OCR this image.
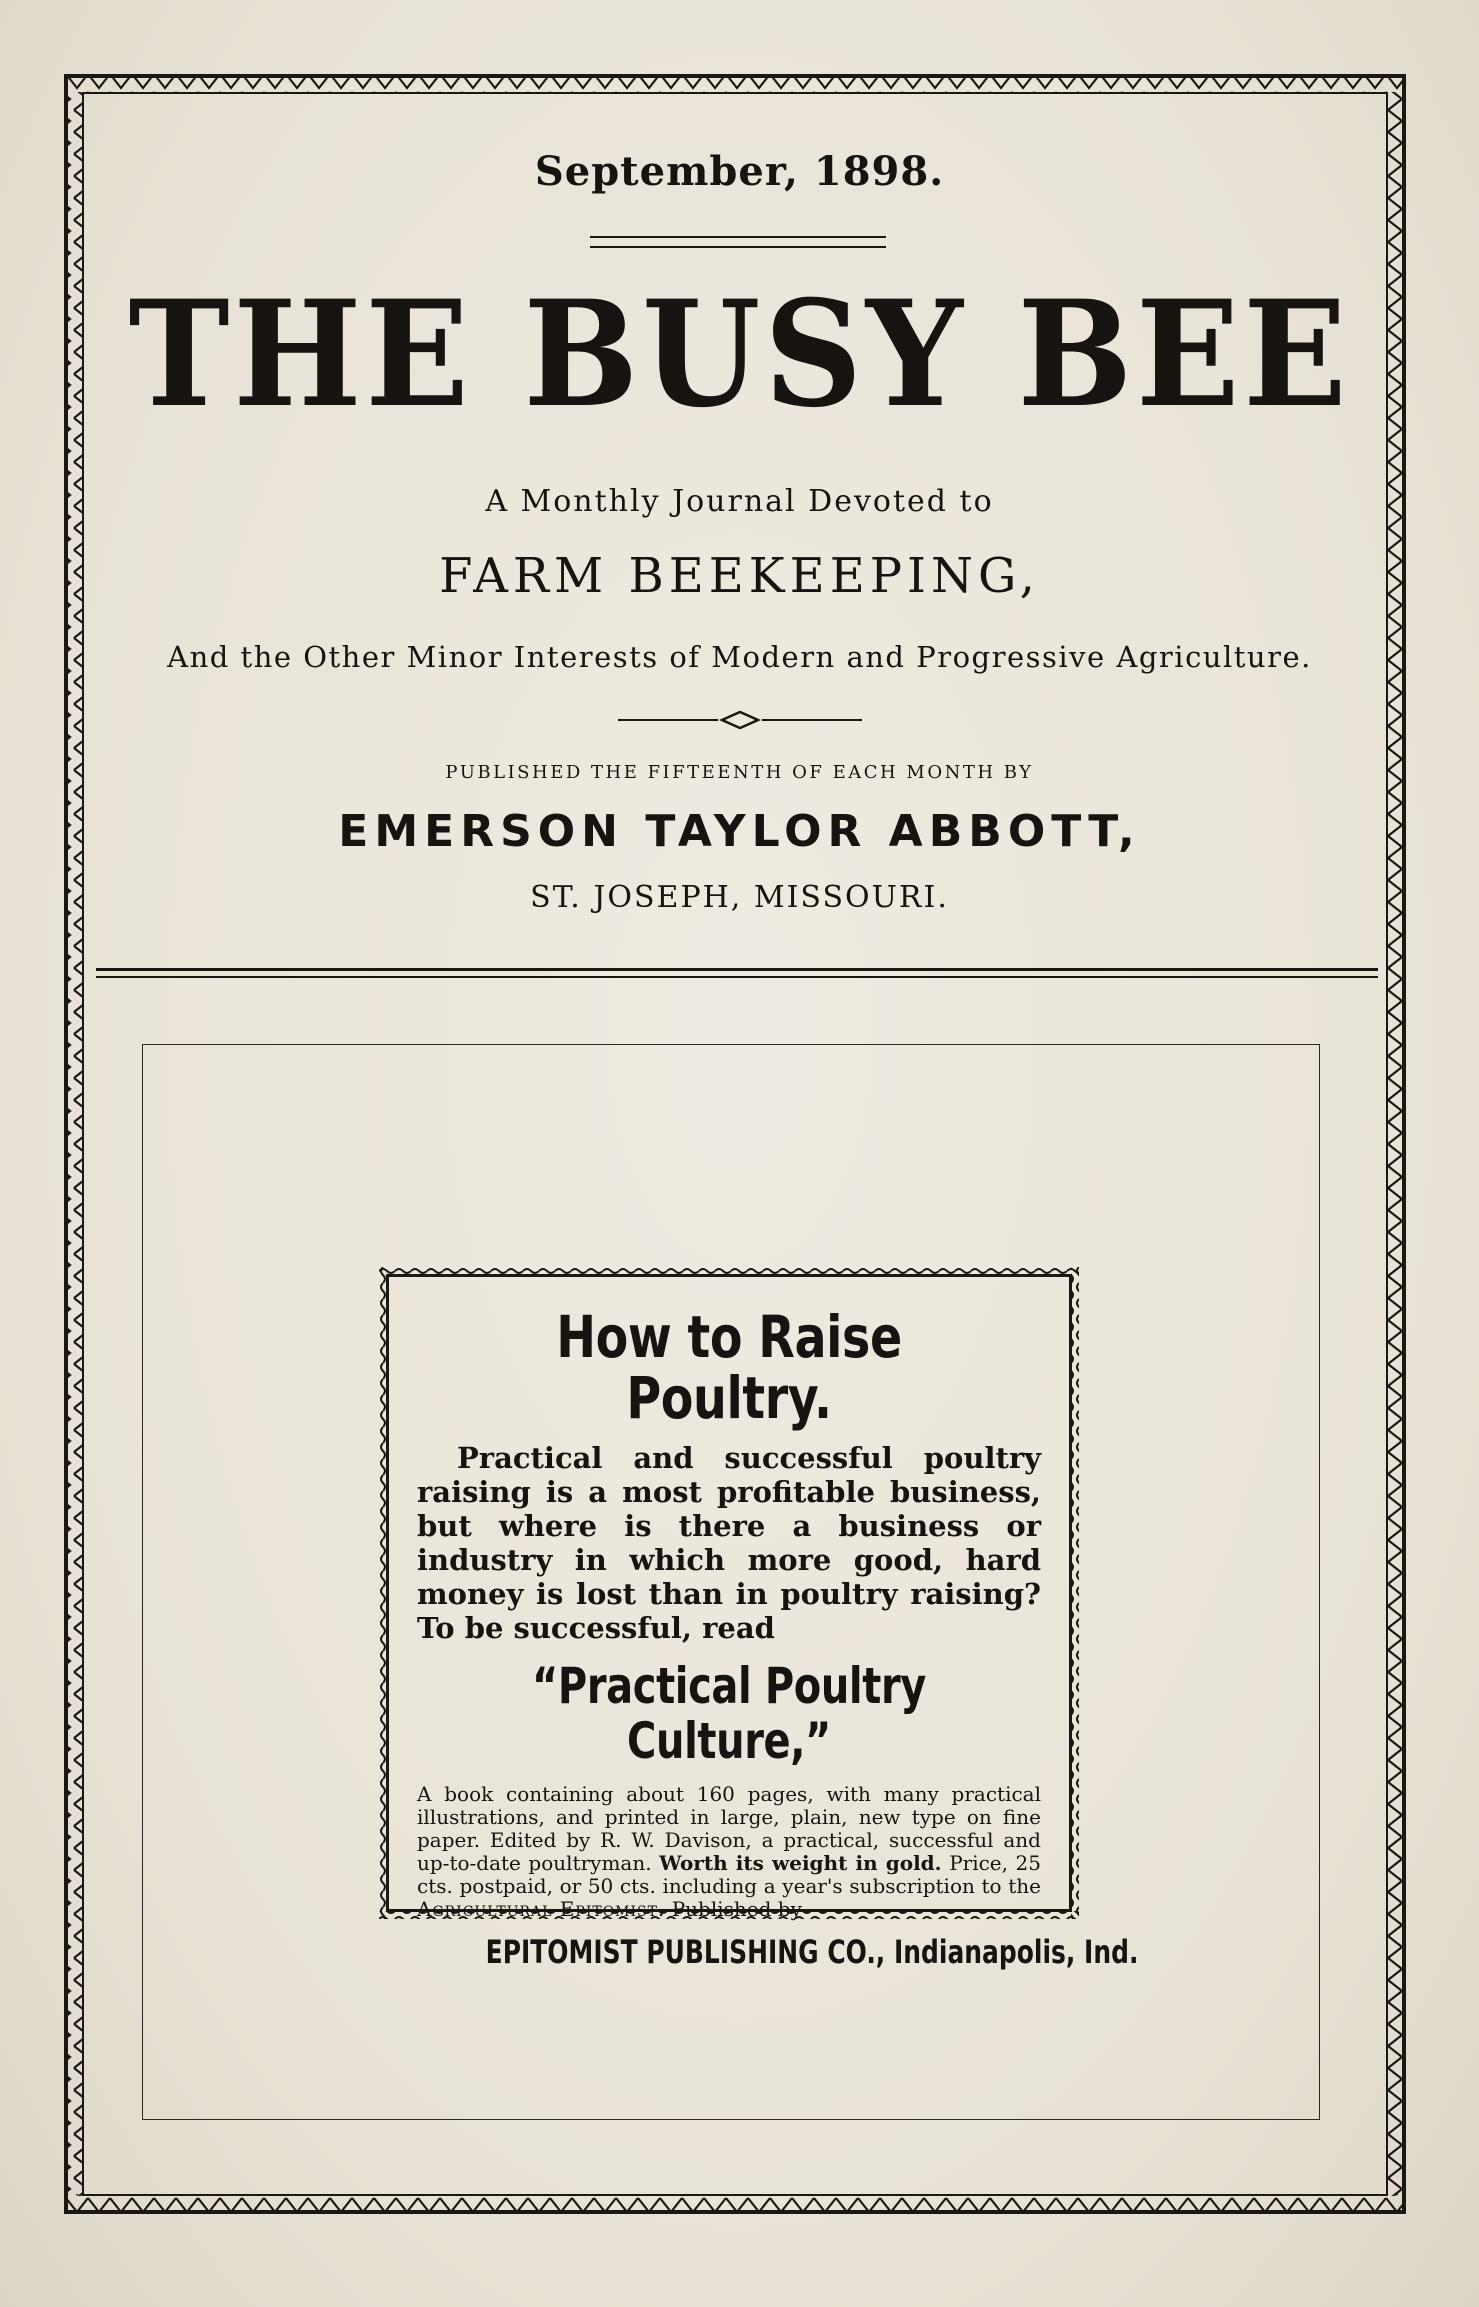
September, 1898.
THE BUSY BEE
A Monthly Journal Devoted to
FARM BEEKEEPING,
And the Other Minor Interests of Modern and Progressive Agriculture.
PUBLISHED THE FIFTEENTH OF EACH MONTH BY
EMERSON TAYLOR ABBOTT,
ST. JOSEPH, MISSOURI.
How to Raise Poultry.
Practical and successful poultry raising is a most profitable business, but where is there a business or industry in which more good, hard money is lost than in poultry raising? To be successful, read
“Practical Poultry Culture,”
A book containing about 160 pages, with many practical illustrations, and printed in large, plain, new type on fine paper. Edited by R. W. Davison, a practical, successful and up-to-date poultryman. Worth its weight in gold. Price, 25 cts. postpaid, or 50 cts. including a year's subscription to the Agricultural Epitomist. Published by
EPITOMIST PUBLISHING CO., Indianapolis, Ind.
